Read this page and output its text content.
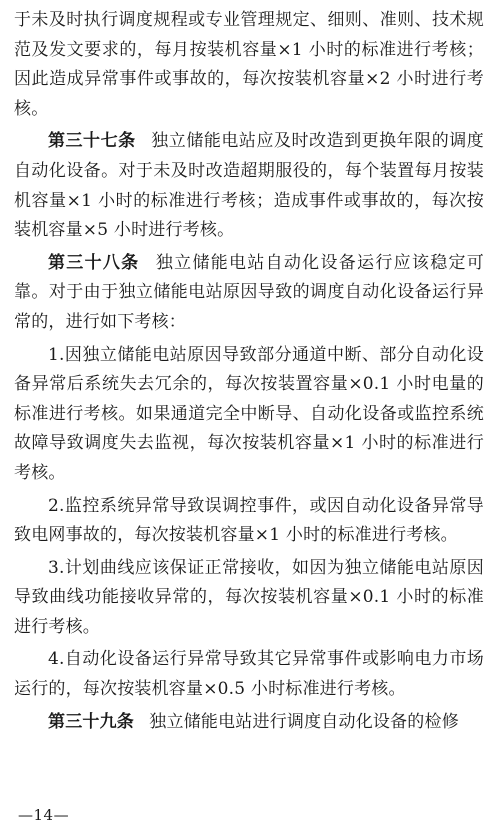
于未及时执行调度规程或专业管理规定、细则、准则、技术规范及发文要求的，每月按装机容量×1 小时的标准进行考核；因此造成异常事件或事故的，每次按装机容量×2 小时进行考核。

第三十七条 独立储能电站应及时改造到更换年限的调度自动化设备。对于未及时改造超期服役的，每个装置每月按装机容量×1 小时的标准进行考核；造成事件或事故的，每次按装机容量×5 小时进行考核。

第三十八条 独立储能电站自动化设备运行应该稳定可靠。对于由于独立储能电站原因导致的调度自动化设备运行异常的，进行如下考核：

1.因独立储能电站原因导致部分通道中断、部分自动化设备异常后系统失去冗余的，每次按装置容量×0.1 小时电量的标准进行考核。如果通道完全中断导、自动化设备或监控系统故障导致调度失去监视，每次按装机容量×1 小时的标准进行考核。

2.监控系统异常导致误调控事件，或因自动化设备异常导致电网事故的，每次按装机容量×1 小时的标准进行考核。

3.计划曲线应该保证正常接收，如因为独立储能电站原因导致曲线功能接收异常的，每次按装机容量×0.1 小时的标准进行考核。

4.自动化设备运行异常导致其它异常事件或影响电力市场运行的，每次按装机容量×0.5 小时标准进行考核。

第三十九条 独立储能电站进行调度自动化设备的检修

—14—
